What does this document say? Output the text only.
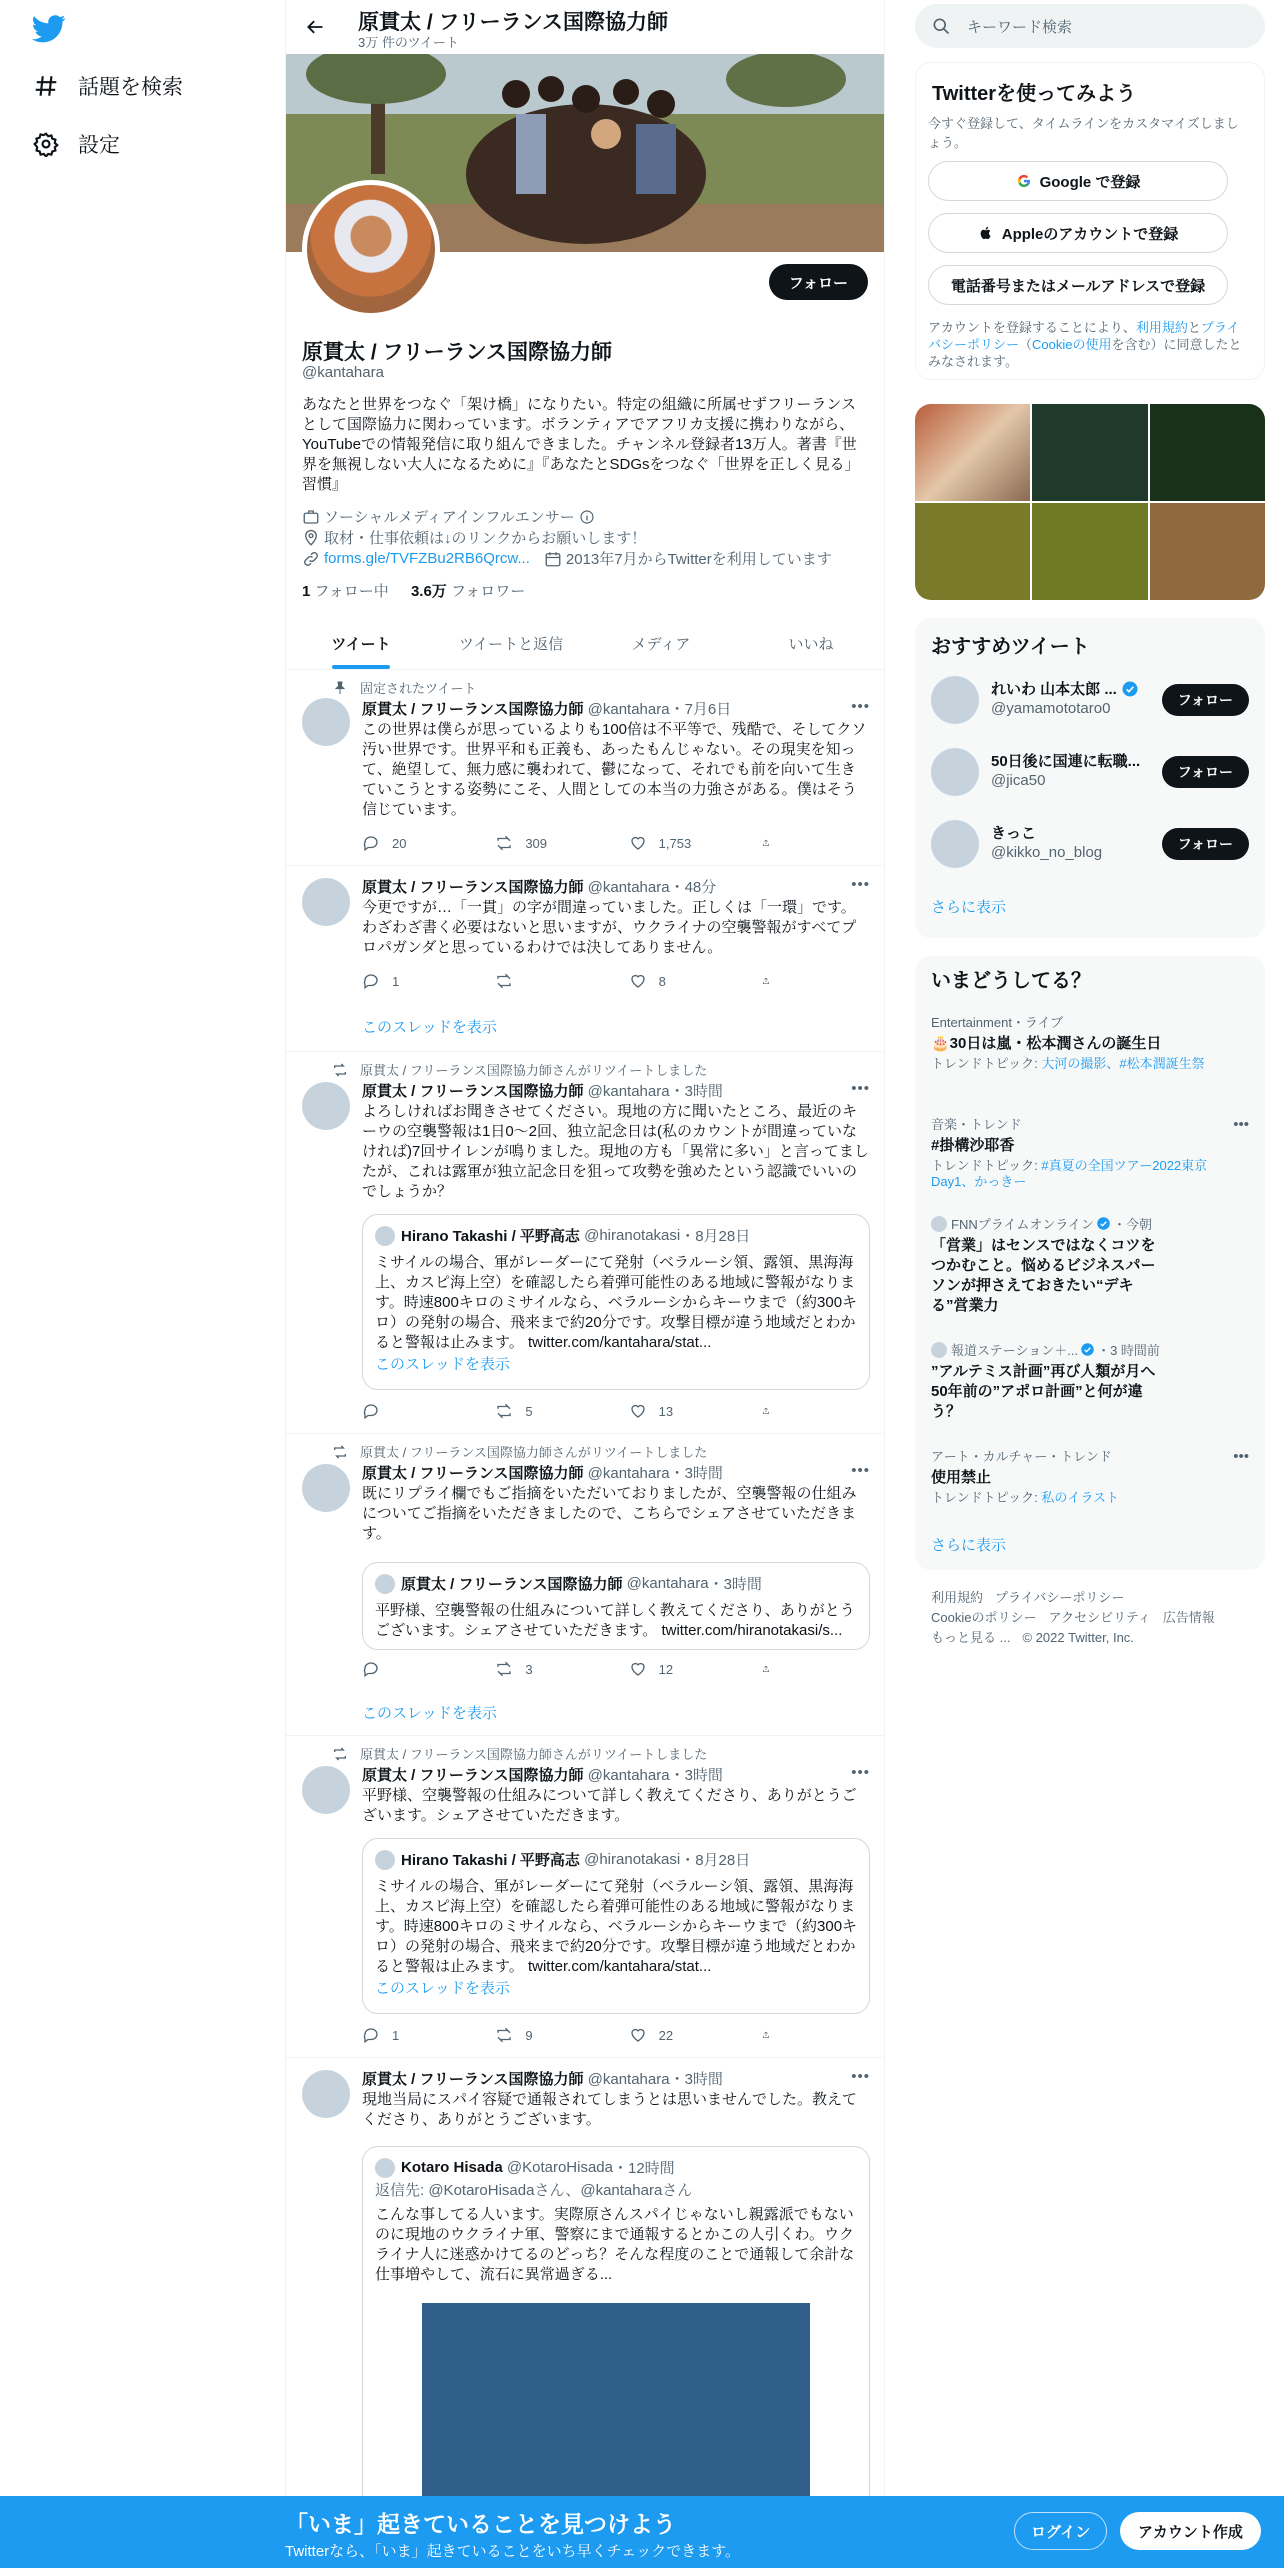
話題を検索
設定
原貫太 / フリーランス国際協力師
3万 件のツイート
フォロー
原貫太 / フリーランス国際協力師
@kantahara
あなたと世界をつなぐ「架け橋」になりたい。特定の組織に所属せずフリーランスとして国際協力に関わっています。ボランティアでアフリカ支援に携わりながら、YouTubeでの情報発信に取り組んできました。チャンネル登録者13万人。著書『世界を無視しない大人になるために』『あなたとSDGsをつなぐ「世界を正しく見る」習慣』
ソーシャルメディアインフルエンサー
取材・仕事依頼は↓のリンクからお願いします！
forms.gle/TVFZBu2RB6Qrcw... 2013年7月からTwitterを利用しています
1 フォロー中 3.6万 フォロワー
ツイート	ツイートと返信	メディア	いいね
固定されたツイート
原貫太 / フリーランス国際協力師 @kantahara・7月6日	•••
この世界は僕らが思っているよりも100倍は不平等で、残酷で、そしてクソ汚い世界です。世界平和も正義も、あったもんじゃない。その現実を知って、絶望して、無力感に襲われて、鬱になって、それでも前を向いて生きていこうとする姿勢にこそ、人間としての本当の力強さがある。僕はそう信じています。
20	309	1,753
原貫太 / フリーランス国際協力師 @kantahara・48分	•••
今更ですが…「一貫」の字が間違っていました。正しくは「一環」です。わざわざ書く必要はないと思いますが、ウクライナの空襲警報がすべてプロパガンダと思っているわけでは決してありません。
1	8
このスレッドを表示
原貫太 / フリーランス国際協力師さんがリツイートしました
原貫太 / フリーランス国際協力師 @kantahara・3時間	•••
よろしければお聞きさせてください。現地の方に聞いたところ、最近のキーウの空襲警報は1日0～2回、独立記念日は(私のカウントが間違っていなければ)7回サイレンが鳴りました。現地の方も「異常に多い」と言ってましたが、これは露軍が独立記念日を狙って攻勢を強めたという認識でいいのでしょうか？
Hirano Takashi / 平野高志
@hiranotakasi ・8月28日
ミサイルの場合、軍がレーダーにて発射（ベラルーシ領、露領、黒海海上、カスピ海上空）を確認したら着弾可能性のある地域に警報がなります。時速800キロのミサイルなら、ベラルーシからキーウまで（約300キロ）の発射の場合、飛来まで約20分です。攻撃目標が違う地域だとわかると警報は止みます。 twitter.com/kantahara/stat...
このスレッドを表示
5	13
原貫太 / フリーランス国際協力師さんがリツイートしました
原貫太 / フリーランス国際協力師 @kantahara・3時間	•••
既にリプライ欄でもご指摘をいただいておりましたが、空襲警報の仕組みについてご指摘をいただきましたので、こちらでシェアさせていただきます。
原貫太 / フリーランス国際協力師
@kantahara ・3時間
平野様、空襲警報の仕組みについて詳しく教えてくださり、ありがとうございます。シェアさせていただきます。 twitter.com/hiranotakasi/s...
3	12
このスレッドを表示
原貫太 / フリーランス国際協力師さんがリツイートしました
原貫太 / フリーランス国際協力師 @kantahara・3時間	•••
平野様、空襲警報の仕組みについて詳しく教えてくださり、ありがとうございます。シェアさせていただきます。
Hirano Takashi / 平野高志
@hiranotakasi ・8月28日
ミサイルの場合、軍がレーダーにて発射（ベラルーシ領、露領、黒海海上、カスピ海上空）を確認したら着弾可能性のある地域に警報がなります。時速800キロのミサイルなら、ベラルーシからキーウまで（約300キロ）の発射の場合、飛来まで約20分です。攻撃目標が違う地域だとわかると警報は止みます。 twitter.com/kantahara/stat...
このスレッドを表示
1	9	22
原貫太 / フリーランス国際協力師 @kantahara・3時間	•••
現地当局にスパイ容疑で通報されてしまうとは思いませんでした。教えてくださり、ありがとうございます。
Kotaro Hisada
@KotaroHisada ・12時間
返信先: @KotaroHisadaさん、@kantaharaさん
こんな事してる人います。実際原さんスパイじゃないし親露派でもないのに現地のウクライナ軍、警察にまで通報するとかこの人引くわ。ウクライナ人に迷惑かけてるのどっち？そんな程度のことで通報して余計な仕事増やして、流石に異常過ぎる...
キーワード検索
Twitterを使ってみよう
今すぐ登録して、タイムラインをカスタマイズしましょう。
Google で登録
Appleのアカウントで登録
電話番号またはメールアドレスで登録
アカウントを登録することにより、利用規約とプライバシーポリシー（Cookieの使用を含む）に同意したとみなされます。
おすすめツイート
れいわ 山本太郎 ...
@yamamototaro0	フォロー
50日後に国連に転職...
@jica50	フォロー
きっこ
@kikko_no_blog	フォロー
さらに表示
いまどうしてる？
Entertainment・ライブ
🎂30日は嵐・松本潤さんの誕生日
トレンドトピック: 大河の撮影、#松本潤誕生祭
音楽・トレンド
#掛構沙耶香
トレンドトピック: #真夏の全国ツアー2022東京Day1、かっきー
•••
FNNプライムオンライン ・今朝
「営業」はセンスではなくコツをつかむこと。悩めるビジネスパーソンが押さえておきたい“デキる”営業力
報道ステーション＋... ・3 時間前
”アルテミス計画”再び人類が月へ 50年前の”アポロ計画”と何が違う？
アート・カルチャー・トレンド
使用禁止
トレンドトピック: 私のイラスト
•••
さらに表示
利用規約 プライバシーポリシー
Cookieのポリシー アクセシビリティ 広告情報
もっと見る ... © 2022 Twitter, Inc.
「いま」起きていることを見つけよう
Twitterなら、「いま」起きていることをいち早くチェックできます。
ログイン	アカウント作成
